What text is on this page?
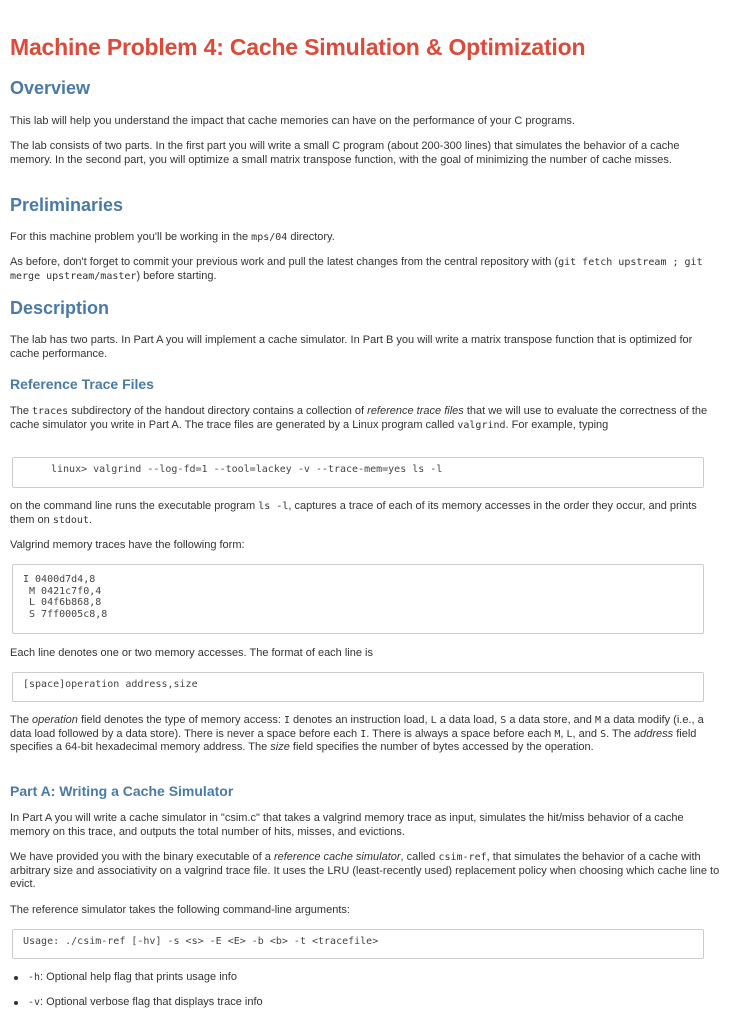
Machine Problem 4: Cache Simulation & Optimization
Overview

This lab will help you understand the impact that cache memories can have on the performance of your C programs.

The lab consists of two parts. In the first part you will write a small C program (about 200-300 lines) that simulates the behavior of a cache memory. In the second part, you will optimize a small matrix transpose function, with the goal of minimizing the number of cache misses.

Preliminaries

For this machine problem you'll be working in the mps/04 directory.

As before, don't forget to commit your previous work and pull the latest changes from the central repository with (git fetch upstream ; git merge upstream/master) before starting.

Description

The lab has two parts. In Part A you will implement a cache simulator. In Part B you will write a matrix transpose function that is optimized for cache performance.

Reference Trace Files

The traces subdirectory of the handout directory contains a collection of reference trace files that we will use to evaluate the correctness of the cache simulator you write in Part A. The trace files are generated by a Linux program called valgrind. For example, typing

linux> valgrind --log-fd=1 --tool=lackey -v --trace-mem=yes ls -l

on the command line runs the executable program ls -l, captures a trace of each of its memory accesses in the order they occur, and prints them on stdout.

Valgrind memory traces have the following form:

I 0400d7d4,8
M 0421c7f0,4
L 04f6b868,8
S 7ff0005c8,8

Each line denotes one or two memory accesses. The format of each line is

[space]operation address,size

The operation field denotes the type of memory access: I denotes an instruction load, L a data load, S a data store, and M a data modify (i.e., a data load followed by a data store). There is never a space before each I. There is always a space before each M, L, and S. The address field specifies a 64-bit hexadecimal memory address. The size field specifies the number of bytes accessed by the operation.

Part A: Writing a Cache Simulator

In Part A you will write a cache simulator in "csim.c" that takes a valgrind memory trace as input, simulates the hit/miss behavior of a cache memory on this trace, and outputs the total number of hits, misses, and evictions.

We have provided you with the binary executable of a reference cache simulator, called csim-ref, that simulates the behavior of a cache with arbitrary size and associativity on a valgrind trace file. It uses the LRU (least-recently used) replacement policy when choosing which cache line to evict.

The reference simulator takes the following command-line arguments:

Usage: ./csim-ref [-hv] -s <s> -E <E> -b <b> -t <tracefile>
-h: Optional help flag that prints usage info
-v: Optional verbose flag that displays trace info
